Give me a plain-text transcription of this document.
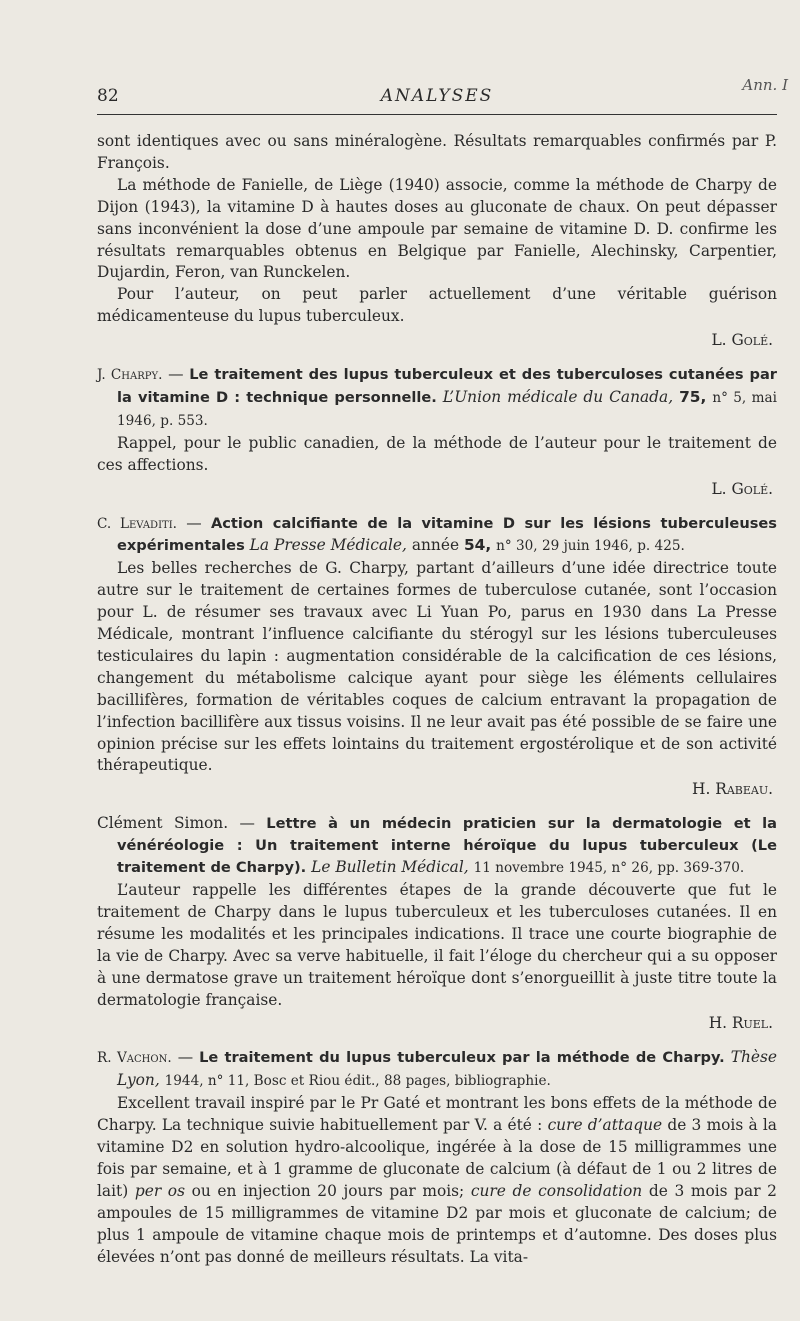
Ann. I
82	ANALYSES

sont identiques avec ou sans minéralogène. Résultats remarquables confirmés par P. François.

La méthode de Fanielle, de Liège (1940) associe, comme la méthode de Charpy de Dijon (1943), la vitamine D à hautes doses au gluconate de chaux. On peut dépasser sans inconvénient la dose d’une ampoule par semaine de vitamine D. D. confirme les résultats remarquables obtenus en Belgique par Fanielle, Alechinsky, Carpentier, Dujardin, Feron, van Runckelen.

Pour l’auteur, on peut parler actuellement d’une véritable guérison médicamenteuse du lupus tuberculeux.

L. Golé.

J. Charpy. — Le traitement des lupus tuberculeux et des tuberculoses cutanées par la vitamine D : technique personnelle. L’Union médicale du Canada, 75, n° 5, mai 1946, p. 553.

Rappel, pour le public canadien, de la méthode de l’auteur pour le traitement de ces affections.

L. Golé.

C. Levaditi. — Action calcifiante de la vitamine D sur les lésions tuberculeuses expérimentales La Presse Médicale, année 54, n° 30, 29 juin 1946, p. 425.

Les belles recherches de G. Charpy, partant d’ailleurs d’une idée directrice toute autre sur le traitement de certaines formes de tuberculose cutanée, sont l’occasion pour L. de résumer ses travaux avec Li Yuan Po, parus en 1930 dans La Presse Médicale, montrant l’influence calcifiante du stérogyl sur les lésions tuberculeuses testiculaires du lapin : augmentation considérable de la calcification de ces lésions, changement du métabolisme calcique ayant pour siège les éléments cellulaires bacillifères, formation de véritables coques de calcium entravant la propagation de l’infection bacillifère aux tissus voisins. Il ne leur avait pas été possible de se faire une opinion précise sur les effets lointains du traitement ergostérolique et de son activité thérapeutique.

H. Rabeau.

Clément Simon. — Lettre à un médecin praticien sur la dermatologie et la vénéréologie : Un traitement interne héroïque du lupus tuberculeux (Le traitement de Charpy). Le Bulletin Médical, 11 novembre 1945, n° 26, pp. 369-370.

L’auteur rappelle les différentes étapes de la grande découverte que fut le traitement de Charpy dans le lupus tuberculeux et les tuberculoses cutanées. Il en résume les modalités et les principales indications. Il trace une courte biographie de la vie de Charpy. Avec sa verve habituelle, il fait l’éloge du chercheur qui a su opposer à une dermatose grave un traitement héroïque dont s’enorgueillit à juste titre toute la dermatologie française.

H. Ruel.

R. Vachon. — Le traitement du lupus tuberculeux par la méthode de Charpy. Thèse Lyon, 1944, n° 11, Bosc et Riou édit., 88 pages, bibliographie.

Excellent travail inspiré par le Pr Gaté et montrant les bons effets de la méthode de Charpy. La technique suivie habituellement par V. a été : cure d’attaque de 3 mois à la vitamine D2 en solution hydro-alcoolique, ingérée à la dose de 15 milligrammes une fois par semaine, et à 1 gramme de gluconate de calcium (à défaut de 1 ou 2 litres de lait) per os ou en injection 20 jours par mois; cure de consolidation de 3 mois par 2 ampoules de 15 milligrammes de vitamine D2 par mois et gluconate de calcium; de plus 1 ampoule de vitamine chaque mois de printemps et d’automne. Des doses plus élevées n’ont pas donné de meilleurs résultats. La vita-
